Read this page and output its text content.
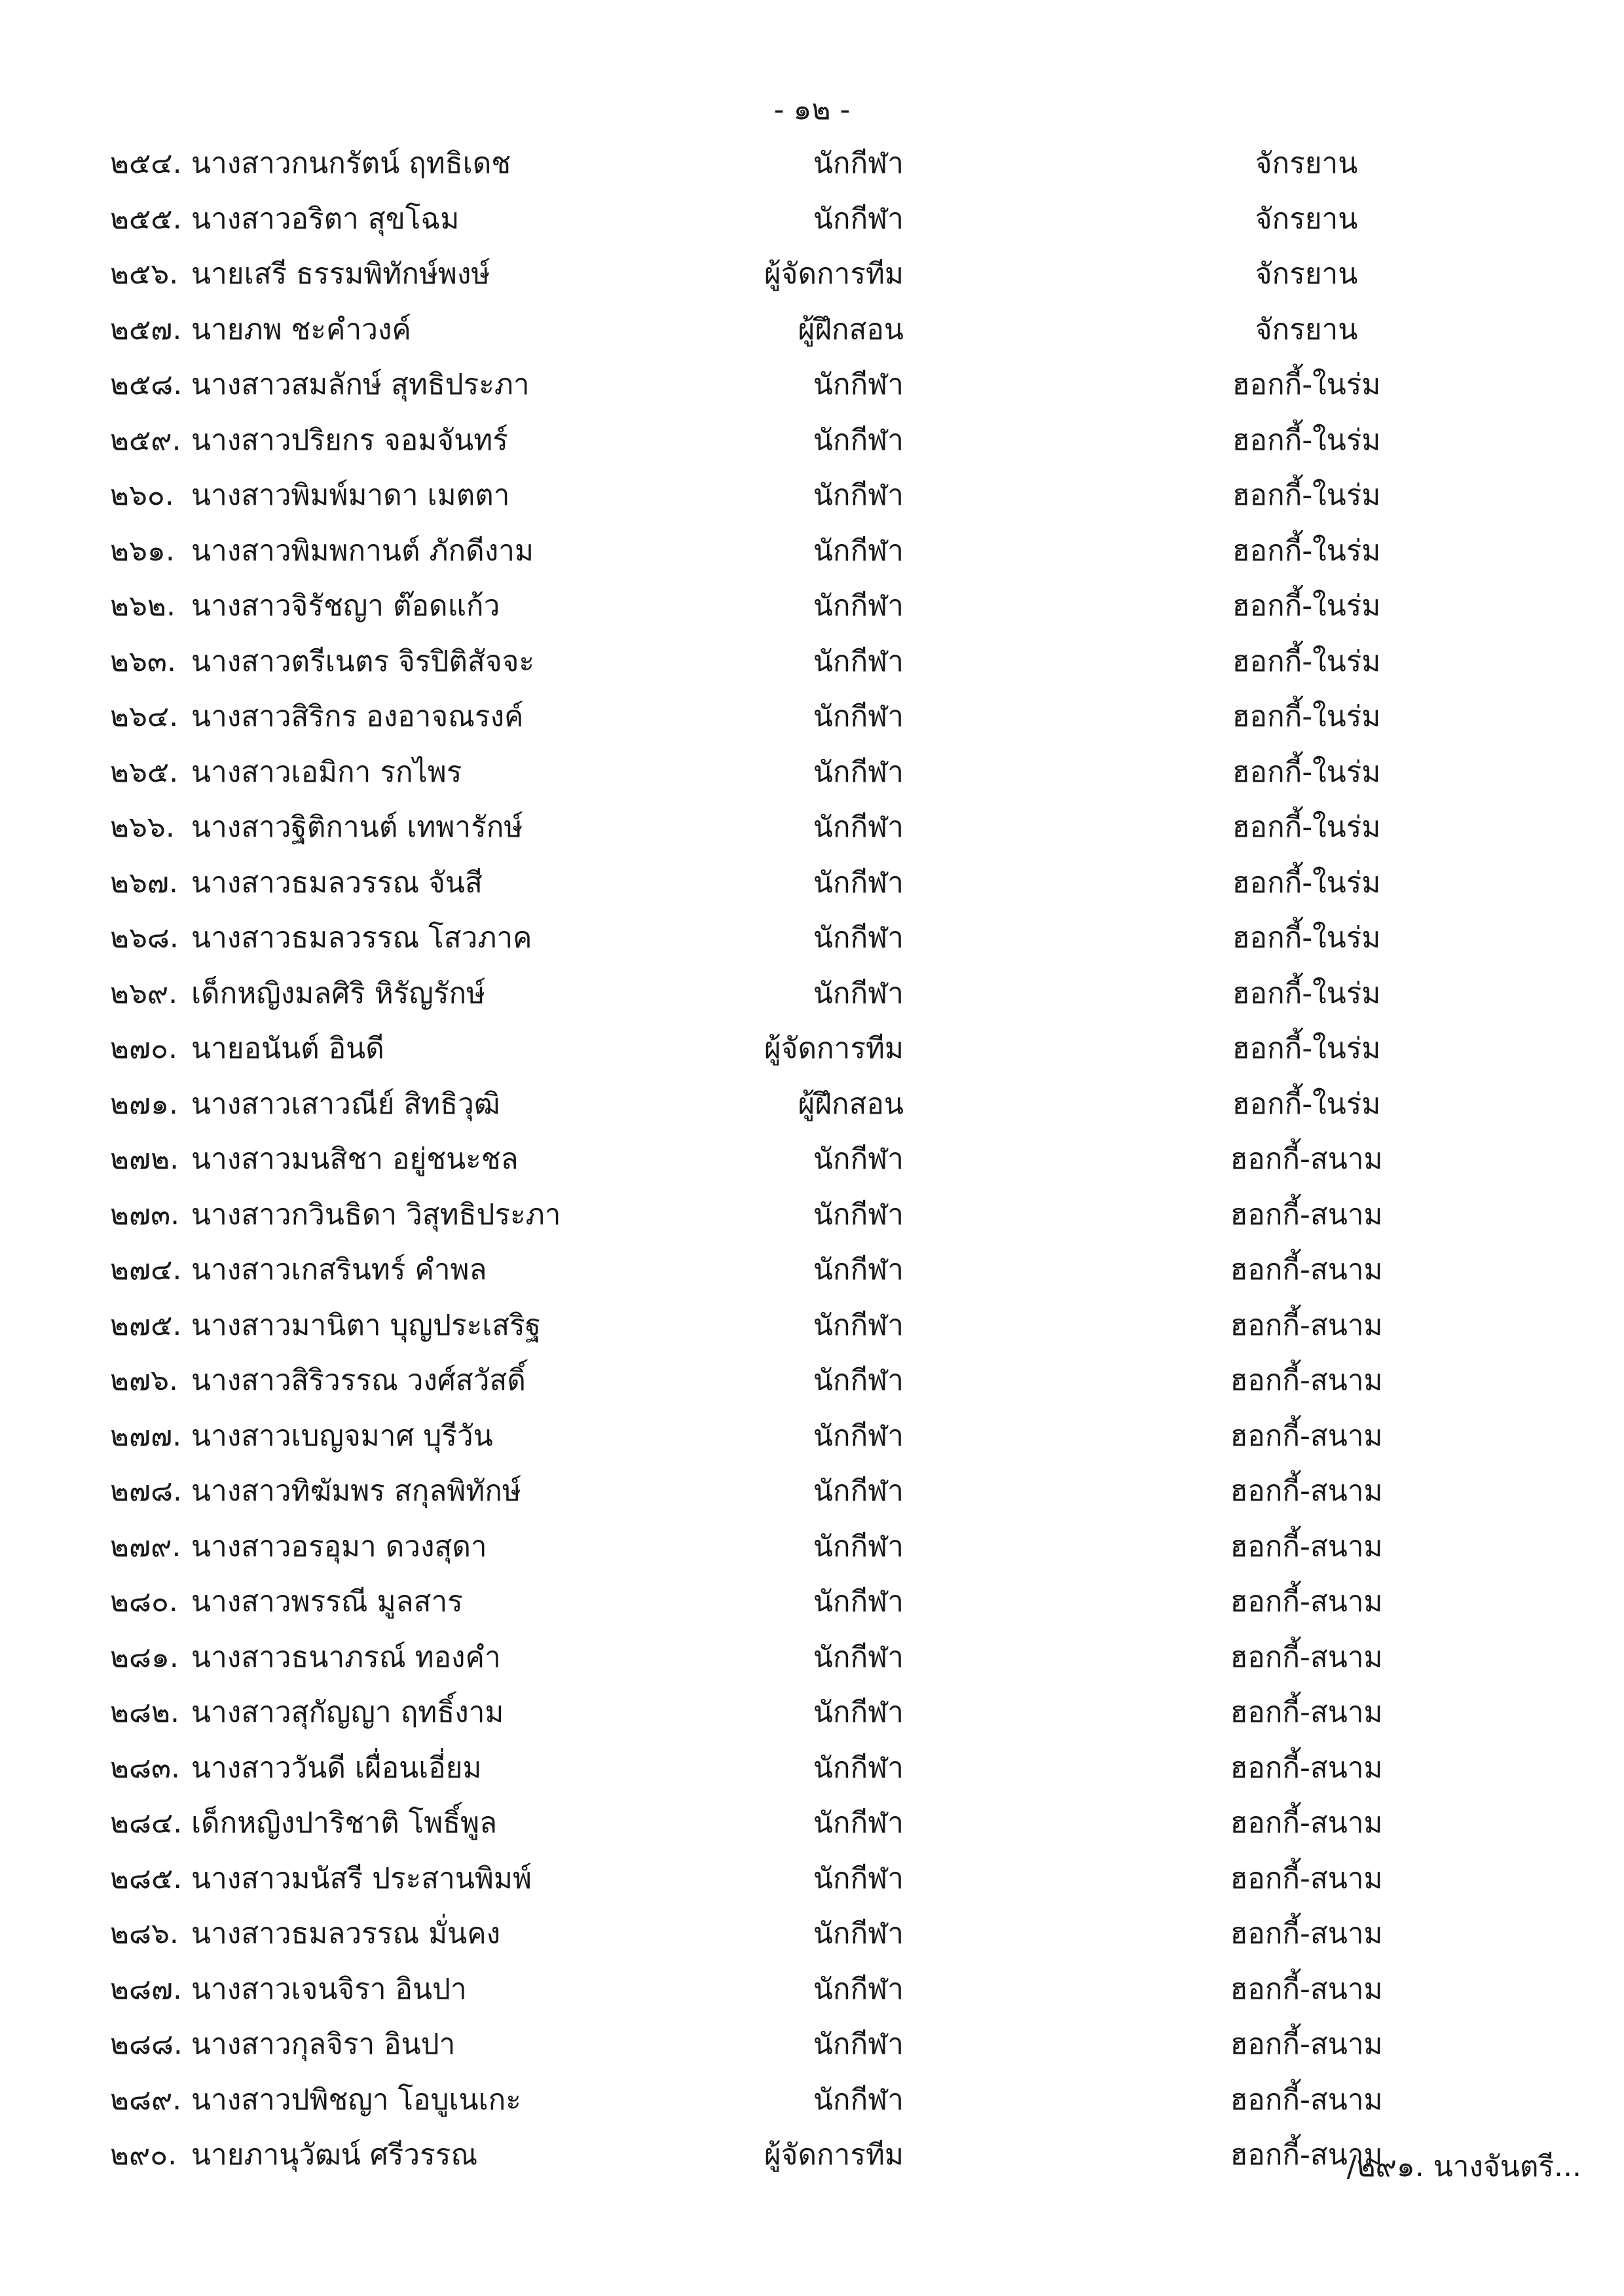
- ๑๒ -
๒๕๔. นางสาวกนกรัตน์ ฤทธิเดช	นักกีฬา	จักรยาน
๒๕๕. นางสาวอริตา สุขโฉม	นักกีฬา	จักรยาน
๒๕๖. นายเสรี ธรรมพิทักษ์พงษ์	ผู้จัดการทีม	จักรยาน
๒๕๗. นายภพ ชะคำวงค์	ผู้ฝึกสอน	จักรยาน
๒๕๘. นางสาวสมลักษ์ สุทธิประภา	นักกีฬา	ฮอกกี้-ในร่ม
๒๕๙. นางสาวปริยกร จอมจันทร์	นักกีฬา	ฮอกกี้-ในร่ม
๒๖๐. นางสาวพิมพ์มาดา เมตตา	นักกีฬา	ฮอกกี้-ในร่ม
๒๖๑. นางสาวพิมพกานต์ ภักดีงาม	นักกีฬา	ฮอกกี้-ในร่ม
๒๖๒. นางสาวจิรัชญา ต๊อดแก้ว	นักกีฬา	ฮอกกี้-ในร่ม
๒๖๓. นางสาวตรีเนตร จิรปิติสัจจะ	นักกีฬา	ฮอกกี้-ในร่ม
๒๖๔. นางสาวสิริกร องอาจณรงค์	นักกีฬา	ฮอกกี้-ในร่ม
๒๖๕. นางสาวเอมิกา รกไพร	นักกีฬา	ฮอกกี้-ในร่ม
๒๖๖. นางสาวฐิติกานต์ เทพารักษ์	นักกีฬา	ฮอกกี้-ในร่ม
๒๖๗. นางสาวธมลวรรณ จันสี	นักกีฬา	ฮอกกี้-ในร่ม
๒๖๘. นางสาวธมลวรรณ โสวภาค	นักกีฬา	ฮอกกี้-ในร่ม
๒๖๙. เด็กหญิงมลศิริ หิรัญรักษ์	นักกีฬา	ฮอกกี้-ในร่ม
๒๗๐. นายอนันต์ อินดี	ผู้จัดการทีม	ฮอกกี้-ในร่ม
๒๗๑. นางสาวเสาวณีย์ สิทธิวุฒิ	ผู้ฝึกสอน	ฮอกกี้-ในร่ม
๒๗๒. นางสาวมนสิชา อยู่ชนะชล	นักกีฬา	ฮอกกี้-สนาม
๒๗๓. นางสาวกวินธิดา วิสุทธิประภา	นักกีฬา	ฮอกกี้-สนาม
๒๗๔. นางสาวเกสรินทร์ คำพล	นักกีฬา	ฮอกกี้-สนาม
๒๗๕. นางสาวมานิตา บุญประเสริฐ	นักกีฬา	ฮอกกี้-สนาม
๒๗๖. นางสาวสิริวรรณ วงศ์สวัสดิ์	นักกีฬา	ฮอกกี้-สนาม
๒๗๗. นางสาวเบญจมาศ บุรีวัน	นักกีฬา	ฮอกกี้-สนาม
๒๗๘. นางสาวทิฆัมพร สกุลพิทักษ์	นักกีฬา	ฮอกกี้-สนาม
๒๗๙. นางสาวอรอุมา ดวงสุดา	นักกีฬา	ฮอกกี้-สนาม
๒๘๐. นางสาวพรรณี มูลสาร	นักกีฬา	ฮอกกี้-สนาม
๒๘๑. นางสาวธนาภรณ์ ทองคำ	นักกีฬา	ฮอกกี้-สนาม
๒๘๒. นางสาวสุกัญญา ฤทธิ์งาม	นักกีฬา	ฮอกกี้-สนาม
๒๘๓. นางสาววันดี เผื่อนเอี่ยม	นักกีฬา	ฮอกกี้-สนาม
๒๘๔. เด็กหญิงปาริชาติ โพธิ์พูล	นักกีฬา	ฮอกกี้-สนาม
๒๘๕. นางสาวมนัสรี ประสานพิมพ์	นักกีฬา	ฮอกกี้-สนาม
๒๘๖. นางสาวธมลวรรณ มั่นคง	นักกีฬา	ฮอกกี้-สนาม
๒๘๗. นางสาวเจนจิรา อินปา	นักกีฬา	ฮอกกี้-สนาม
๒๘๘. นางสาวกุลจิรา อินปา	นักกีฬา	ฮอกกี้-สนาม
๒๘๙. นางสาวปพิชญา โอบูเนเกะ	นักกีฬา	ฮอกกี้-สนาม
๒๙๐. นายภานุวัฒน์ ศรีวรรณ	ผู้จัดการทีม	ฮอกกี้-สนาม
/๒๙๑. นางจันตรี...
